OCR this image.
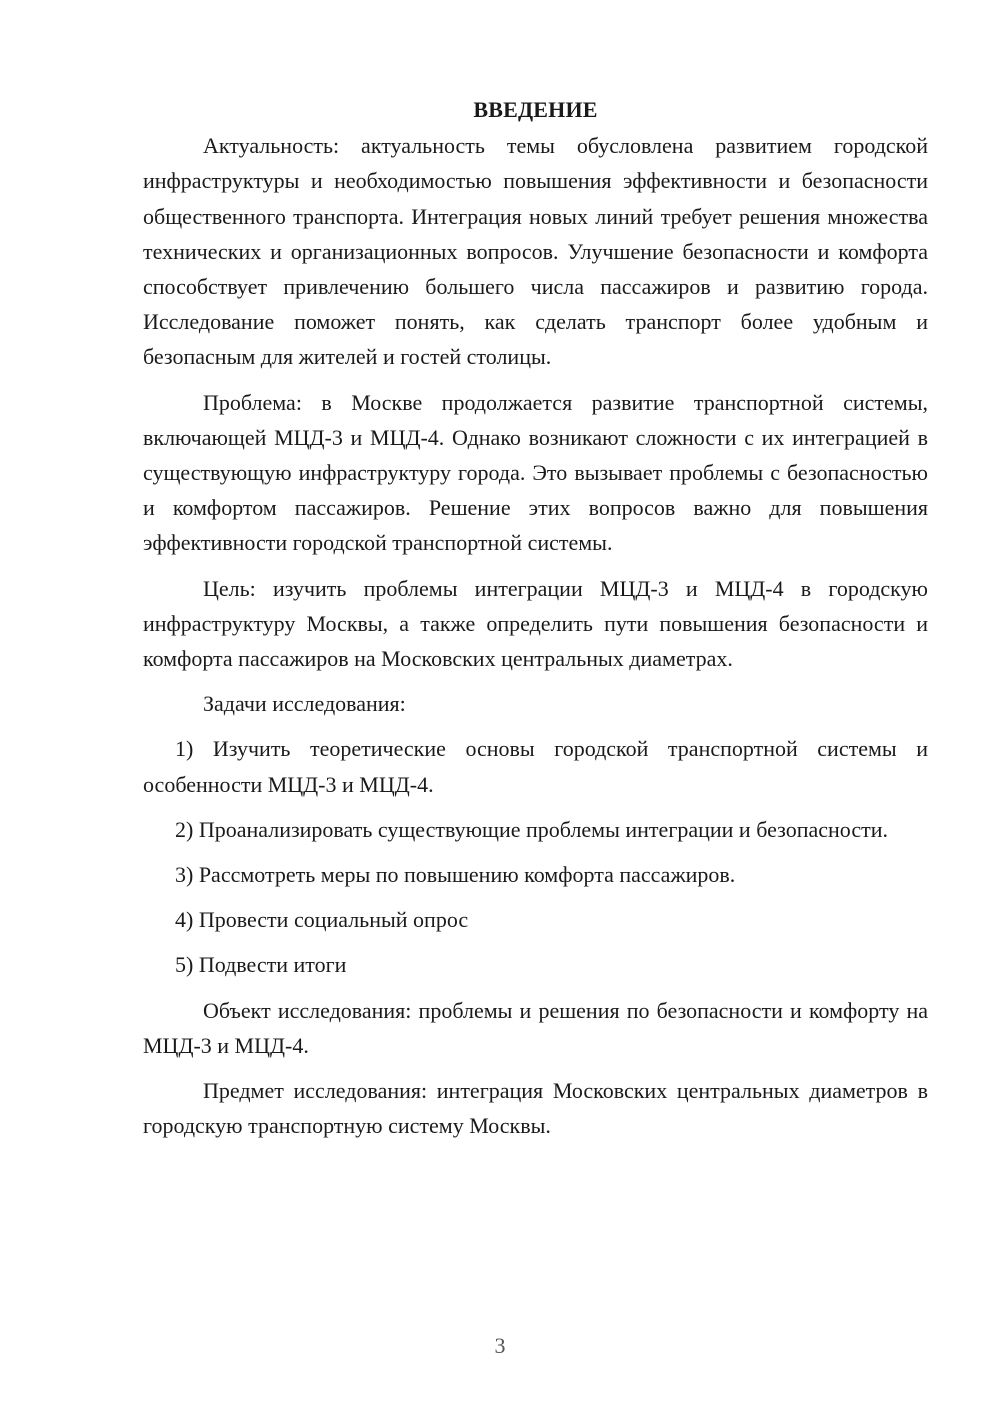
ВВЕДЕНИЕ

Актуальность: актуальность темы обусловлена развитием городской инфраструктуры и необходимостью повышения эффективности и безопасности общественного транспорта. Интеграция новых линий требует решения множества технических и организационных вопросов. Улучшение безопасности и комфорта способствует привлечению большего числа пассажиров и развитию города. Исследование поможет понять, как сделать транспорт более удобным и безопасным для жителей и гостей столицы.

Проблема: в Москве продолжается развитие транспортной системы, включающей МЦД-3 и МЦД-4. Однако возникают сложности с их интеграцией в существующую инфраструктуру города. Это вызывает проблемы с безопасностью и комфортом пассажиров. Решение этих вопросов важно для повышения эффективности городской транспортной системы.

Цель: изучить проблемы интеграции МЦД-3 и МЦД-4 в городскую инфраструктуру Москвы, а также определить пути повышения безопасности и комфорта пассажиров на Московских центральных диаметрах.

Задачи исследования:

1) Изучить теоретические основы городской транспортной системы и особенности МЦД-3 и МЦД-4.

2) Проанализировать существующие проблемы интеграции и безопасности.

3) Рассмотреть меры по повышению комфорта пассажиров.

4) Провести социальный опрос

5) Подвести итоги

Объект исследования: проблемы и решения по безопасности и комфорту на МЦД-3 и МЦД-4.

Предмет исследования: интеграция Московских центральных диаметров в городскую транспортную систему Москвы.

3
